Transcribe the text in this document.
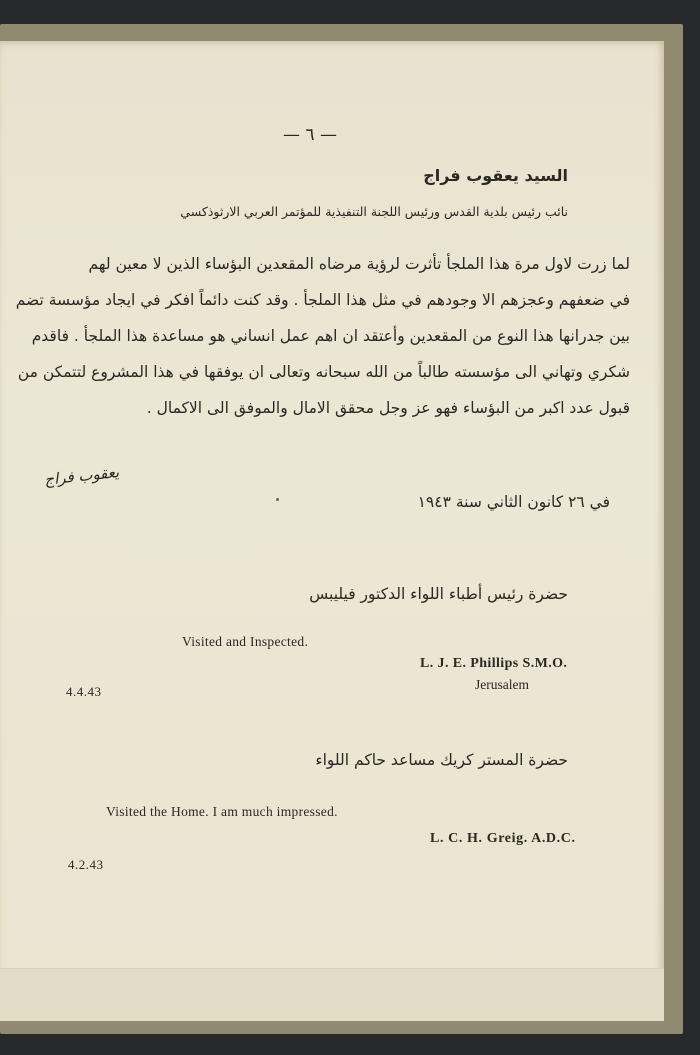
— ٦ —
السيد يعقوب فراج
نائب رئيس بلدية القدس ورئيس اللجنة التنفيذية للمؤتمر العربي الارثوذكسي
لما زرت لاول مرة هذا الملجأ تأثرت لرؤية مرضاه المقعدين البؤساء الذين لا معين لهم
في ضعفهم وعجزهم الا وجودهم في مثل هذا الملجأ . وقد كنت دائماً افكر في ايجاد مؤسسة تضم
بين جدرانها هذا النوع من المقعدين وأعتقد ان اهم عمل انساني هو مساعدة هذا الملجأ . فاقدم
شكري وتهاني الى مؤسسته طالباً من الله سبحانه وتعالى ان يوفقها في هذا المشروع لتتمكن من
قبول عدد اكبر من البؤساء فهو عز وجل محقق الامال والموفق الى الاكمال .
يعقوب فراج
في ٢٦ كانون الثاني سنة ١٩٤٣
حضرة رئيس أطباء اللواء الدكتور فيليبس
Visited and Inspected.
L. J. E. Phillips S.M.O.
Jerusalem
4.4.43
حضرة المستر كريك مساعد حاكم اللواء
Visited the Home. I am much impressed.
L. C. H. Greig. A.D.C.
4.2.43
